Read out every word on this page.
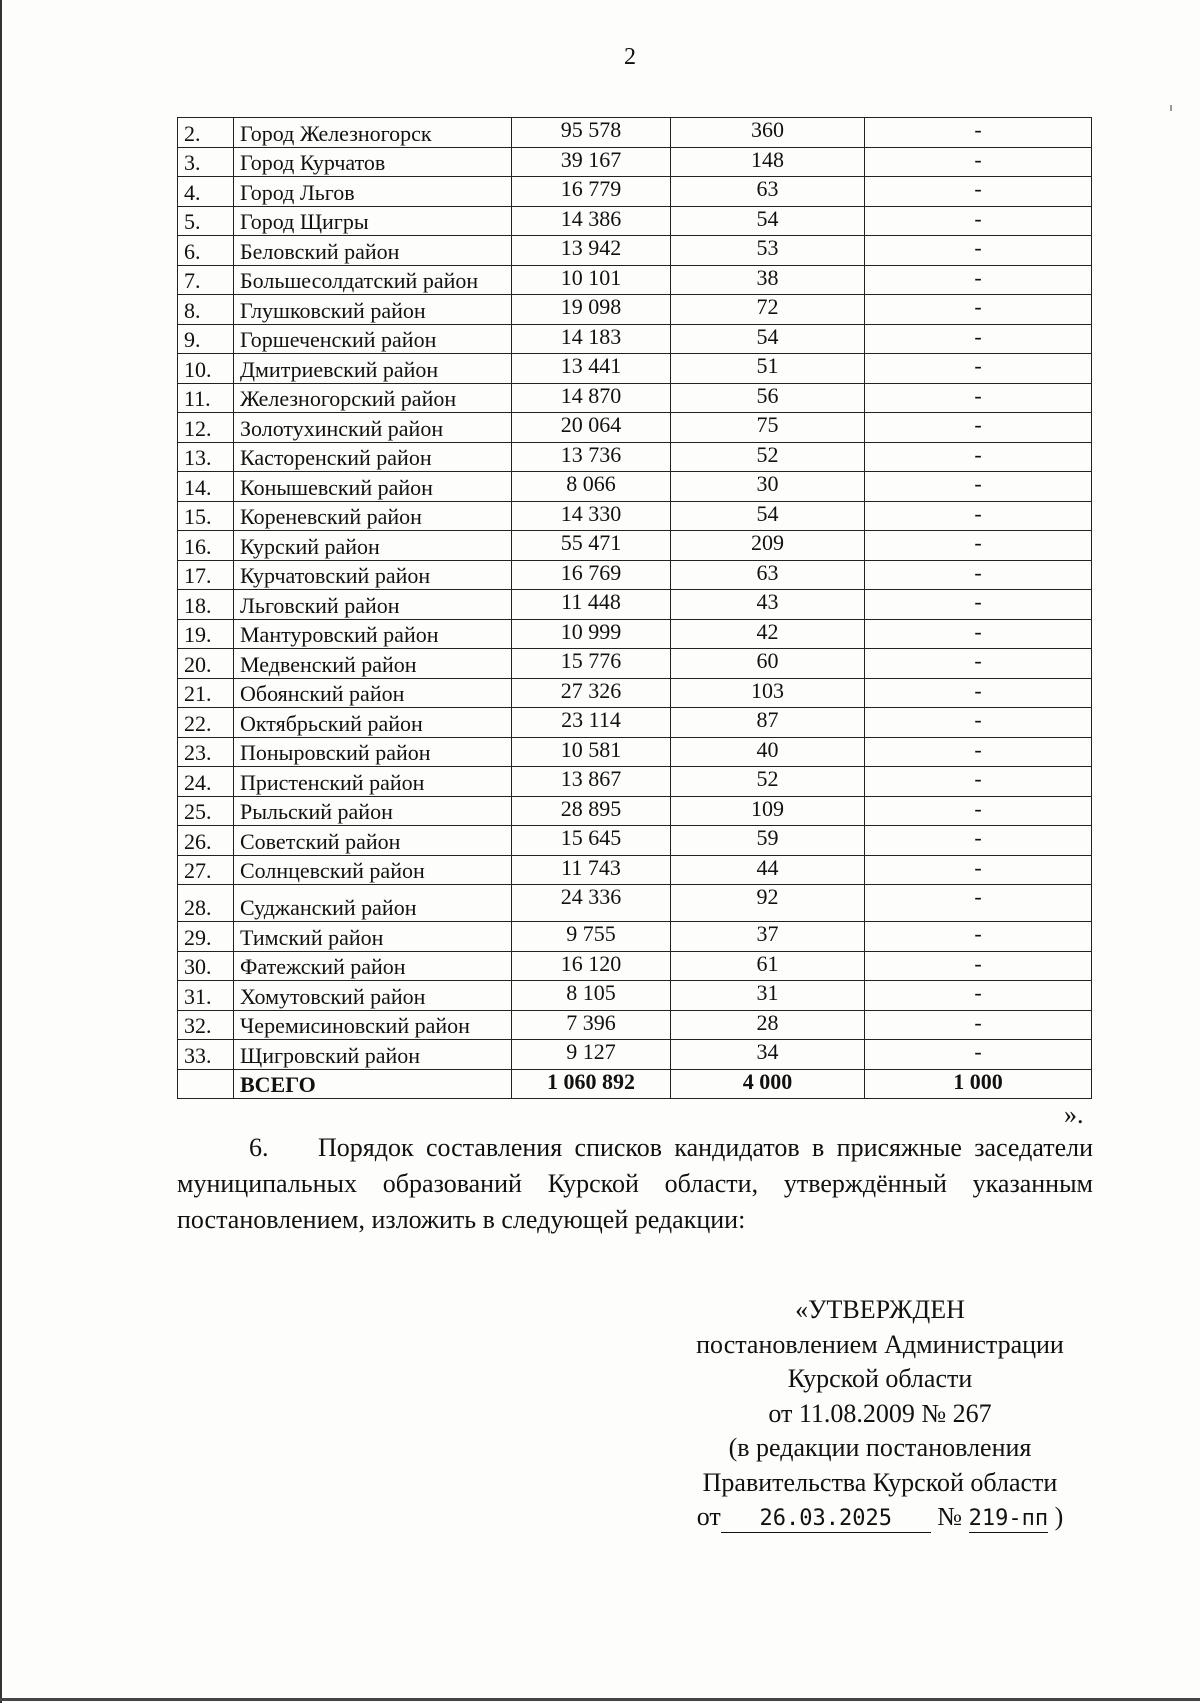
2
2.	Город Железногорск	95 578	360	-
3.	Город Курчатов	39 167	148	-
4.	Город Льгов	16 779	63	-
5.	Город Щигры	14 386	54	-
6.	Беловский район	13 942	53	-
7.	Большесолдатский район	10 101	38	-
8.	Глушковский район	19 098	72	-
9.	Горшеченский район	14 183	54	-
10.	Дмитриевский район	13 441	51	-
11.	Железногорский район	14 870	56	-
12.	Золотухинский район	20 064	75	-
13.	Касторенский район	13 736	52	-
14.	Конышевский район	8 066	30	-
15.	Кореневский район	14 330	54	-
16.	Курский район	55 471	209	-
17.	Курчатовский район	16 769	63	-
18.	Льговский район	11 448	43	-
19.	Мантуровский район	10 999	42	-
20.	Медвенский район	15 776	60	-
21.	Обоянский район	27 326	103	-
22.	Октябрьский район	23 114	87	-
23.	Поныровский район	10 581	40	-
24.	Пристенский район	13 867	52	-
25.	Рыльский район	28 895	109	-
26.	Советский район	15 645	59	-
27.	Солнцевский район	11 743	44	-
28.	Суджанский район	24 336	92	-
29.	Тимский район	9 755	37	-
30.	Фатежский район	16 120	61	-
31.	Хомутовский район	8 105	31	-
32.	Черемисиновский район	7 396	28	-
33.	Щигровский район	9 127	34	-
	ВСЕГО	1 060 892	4 000	1 000
».
6.    Порядок составления списков кандидатов в присяжные заседатели муниципальных образований Курской области, утверждённый указанным постановлением, изложить в следующей редакции:
«УТВЕРЖДЕН
постановлением Администрации
Курской области
от 11.08.2009 № 267
(в редакции постановления
Правительства Курской области
от 26.03.2025 № 219-пп )
